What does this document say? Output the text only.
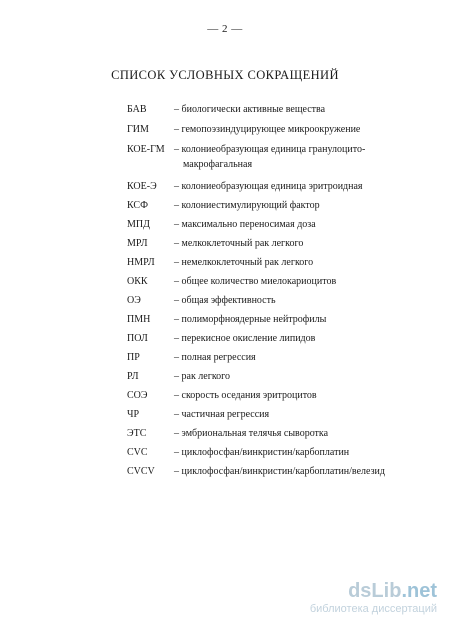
— 2 —
СПИСОК УСЛОВНЫХ СОКРАЩЕНИЙ
БАВ	– биологически активные вещества
ГИМ	– гемопоэзиндуцирующее микроокружение
КОЕ-ГМ – колониеобразующая единица гранулоцито-
макрофагальная
КОЕ-Э – колониеобразующая единица эритроидная
КСФ	– колониестимулирующий фактор
МПД – максимально переносимая доза
МРЛ	– мелкоклеточный рак легкого
НМРЛ – немелкоклеточный рак легкого
ОКК	– общее количество миелокариоцитов
ОЭ	– общая эффективность
ПМН – полиморфноядерные нейтрофилы
ПОЛ	– перекисное окисление липидов
ПР	– полная регрессия
РЛ	– рак легкого
СОЭ	– скорость оседания эритроцитов
ЧР	– частичная регрессия
ЭТС	– эмбриональная телячья сыворотка
CVC	– циклофосфан/винкристин/карбоплатин
CVCV – циклофосфан/винкристин/карбоплатин/велезид
dsLib.net
библиотека диссертаций
